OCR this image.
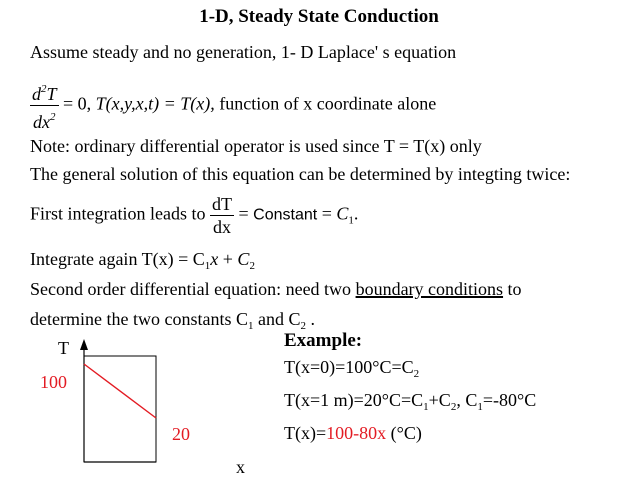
1-D, Steady State Conduction
Assume steady and no generation, 1- D Laplace' s equation
$\frac{d^2T}{dx^2} = 0$, T(x,y,x,t) = T(x), function of x coordinate alone
Note: ordinary differential operator is used since T = T(x) only
The general solution of this equation can be determined by integting twice:
First integration leads to $\frac{dT}{dx}$ = Constant = $C_1$.
Integrate again $T(x) = C_1x + C_2$
Second order differential equation: need two boundary conditions to
determine the two constants $C_1$ and $C_2$ .
T
100
20
x
Example:
$T(x=0)=100^\circ C=C_2$
T(x=1 $m)=20^\circ C=C_1+C_2$, $C_1=-80^\circ C$
T(x)=100-80x (°C)
